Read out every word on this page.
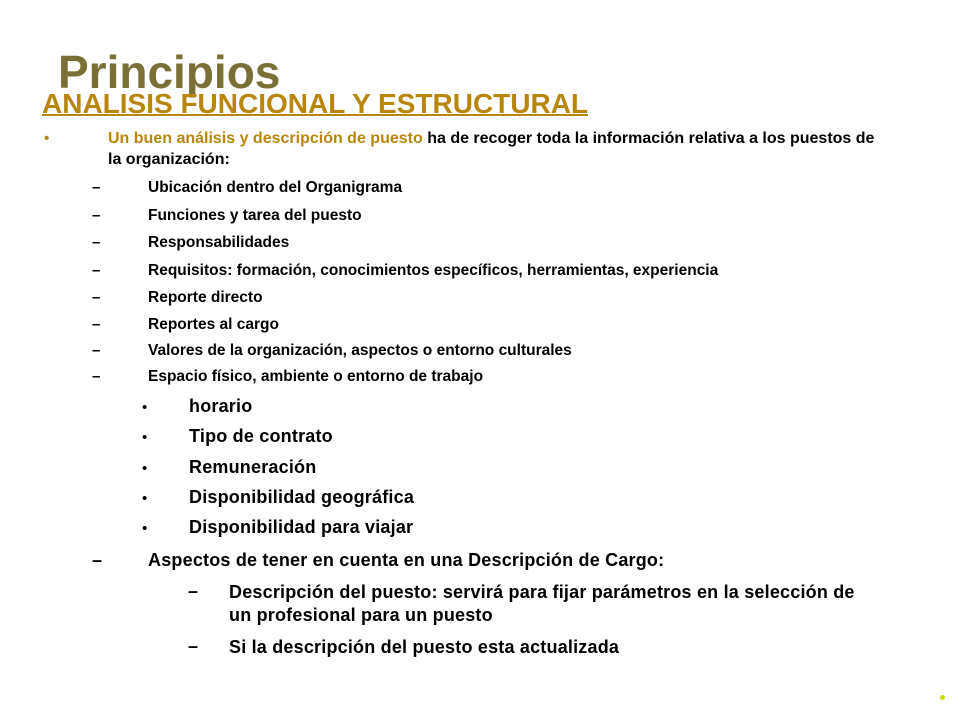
Principios
ANALISIS FUNCIONAL Y ESTRUCTURAL
•	Un buen análisis y descripción de puesto ha de recoger toda la información relativa a los puestos de la organización:
–	Ubicación dentro del Organigrama
–	Funciones y tarea del puesto
–	Responsabilidades
–	Requisitos: formación, conocimientos específicos, herramientas, experiencia
–	Reporte directo
–	Reportes al cargo
–	Valores de la organización, aspectos o entorno culturales
–	Espacio físico, ambiente o entorno de trabajo
• horario
• Tipo de contrato
• Remuneración
• Disponibilidad geográfica
• Disponibilidad para viajar
–	Aspectos de tener en cuenta en una Descripción de Cargo:
– Descripción del puesto: servirá para fijar parámetros en la selección de un profesional para un puesto
– Si la descripción del puesto esta actualizada
